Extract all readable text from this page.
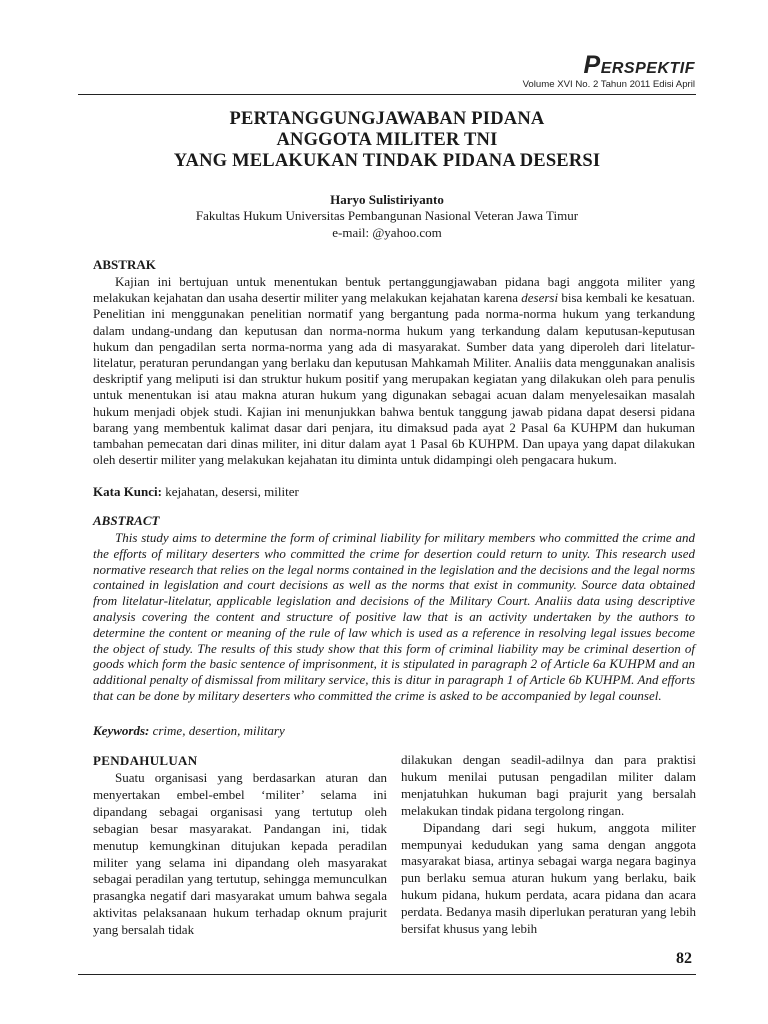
PERSPEKTIF
Volume XVI No. 2 Tahun 2011 Edisi April
PERTANGGUNGJAWABAN PIDANA
ANGGOTA MILITER TNI
YANG MELAKUKAN TINDAK PIDANA DESERSI
Haryo Sulistiriyanto
Fakultas Hukum Universitas Pembangunan Nasional Veteran Jawa Timur
e-mail: @yahoo.com
ABSTRAK

Kajian ini bertujuan untuk menentukan bentuk pertanggungjawaban pidana bagi anggota militer yang melakukan kejahatan dan usaha desertir militer yang melakukan kejahatan karena desersi bisa kembali ke kesatuan. Penelitian ini menggunakan penelitian normatif yang bergantung pada norma-norma hukum yang terkandung dalam undang-undang dan keputusan dan norma-norma hukum yang terkandung dalam keputusan-keputusan hukum dan pengadilan serta norma-norma yang ada di masyarakat. Sumber data yang diperoleh dari litelatur-litelatur, peraturan perundangan yang berlaku dan keputusan Mahkamah Militer. Analiis data menggunakan analisis deskriptif yang meliputi isi dan struktur hukum positif yang merupakan kegiatan yang dilakukan oleh para penulis untuk menentukan isi atau makna aturan hukum yang digunakan sebagai acuan dalam menyelesaikan masalah hukum menjadi objek studi. Kajian ini menunjukkan bahwa bentuk tanggung jawab pidana dapat desersi pidana barang yang membentuk kalimat dasar dari penjara, itu dimaksud pada ayat 2 Pasal 6a KUHPM dan hukuman tambahan pemecatan dari dinas militer, ini ditur dalam ayat 1 Pasal 6b KUHPM. Dan upaya yang dapat dilakukan oleh desertir militer yang melakukan kejahatan itu diminta untuk didampingi oleh pengacara hukum.

Kata Kunci: kejahatan, desersi, militer
ABSTRACT

This study aims to determine the form of criminal liability for military members who committed the crime and the efforts of military deserters who committed the crime for desertion could return to unity. This research used normative research that relies on the legal norms contained in the legislation and the decisions and the legal norms contained in legislation and court decisions as well as the norms that exist in community. Source data obtained from litelatur-litelatur, applicable legislation and decisions of the Military Court. Analiis data using descriptive analysis covering the content and structure of positive law that is an activity undertaken by the authors to determine the content or meaning of the rule of law which is used as a reference in resolving legal issues become the object of study. The results of this study show that this form of criminal liability may be criminal desertion of goods which form the basic sentence of imprisonment, it is stipulated in paragraph 2 of Article 6a KUHPM and an additional penalty of dismissal from military service, this is ditur in paragraph 1 of Article 6b KUHPM. And efforts that can be done by military deserters who committed the crime is asked to be accompanied by legal counsel.

Keywords: crime, desertion, military
PENDAHULUAN

Suatu organisasi yang berdasarkan aturan dan menyertakan embel-embel ‘militer’ selama ini dipandang sebagai organisasi yang tertutup oleh sebagian besar masyarakat. Pandangan ini, tidak menutup kemungkinan ditujukan kepada peradilan militer yang selama ini dipandang oleh masyarakat sebagai peradilan yang tertutup, sehingga memunculkan prasangka negatif dari masyarakat umum bahwa segala aktivitas pelaksanaan hukum terhadap oknum prajurit yang bersalah tidak

dilakukan dengan seadil-adilnya dan para praktisi hukum menilai putusan pengadilan militer dalam menjatuhkan hukuman bagi prajurit yang bersalah melakukan tindak pidana tergolong ringan.

Dipandang dari segi hukum, anggota militer mempunyai kedudukan yang sama dengan anggota masyarakat biasa, artinya sebagai warga negara baginya pun berlaku semua aturan hukum yang berlaku, baik hukum pidana, hukum perdata, acara pidana dan acara perdata. Bedanya masih diperlukan peraturan yang lebih bersifat khusus yang lebih

82
